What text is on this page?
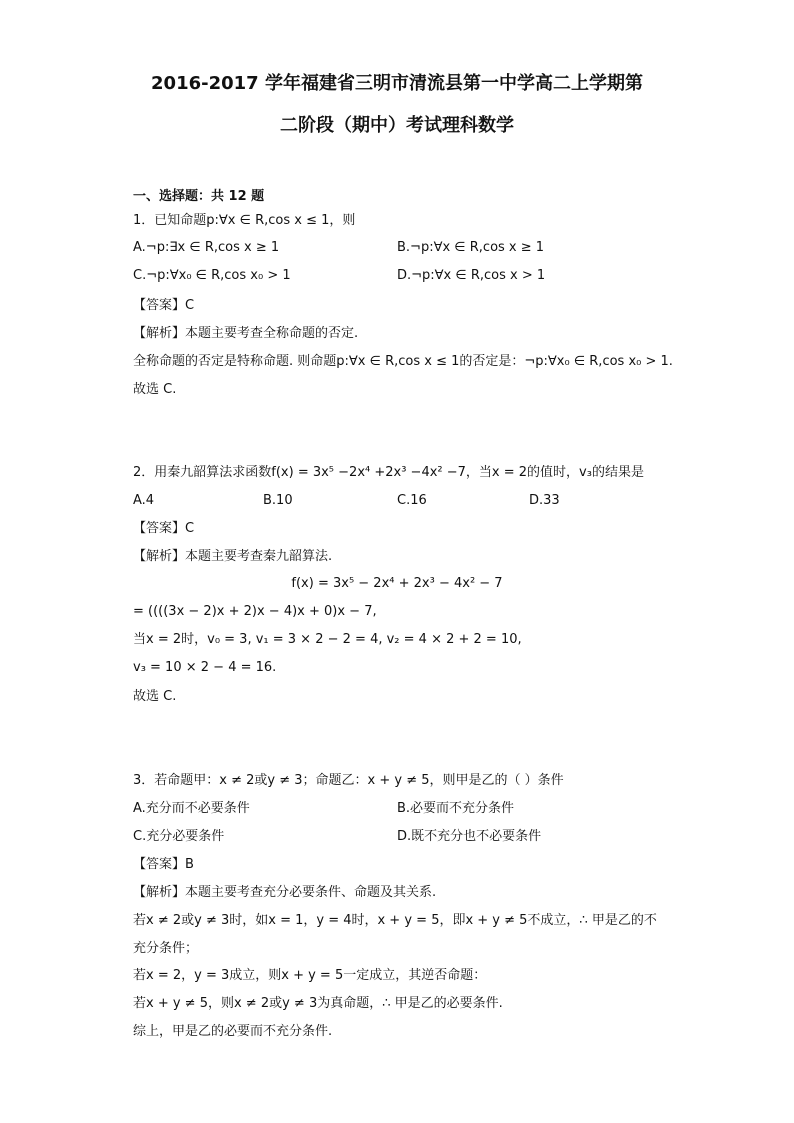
2016-2017 学年福建省三明市清流县第一中学高二上学期第
二阶段（期中）考试理科数学
一、选择题：共 12 题
1．已知命题p:∀x ∈ R,cos x ≤ 1，则
A.¬p:∃x ∈ R,cos x ≥ 1	B.¬p:∀x ∈ R,cos x ≥ 1
C.¬p:∀x₀ ∈ R,cos x₀ > 1	D.¬p:∀x ∈ R,cos x > 1
【答案】C
【解析】本题主要考查全称命题的否定.
全称命题的否定是特称命题. 则命题p:∀x ∈ R,cos x ≤ 1的否定是：¬p:∀x₀ ∈ R,cos x₀ > 1.
故选 C.
2．用秦九韶算法求函数f(x) = 3x⁵ −2x⁴ +2x³ −4x² −7，当x = 2的值时，v₃的结果是
A.4	B.10	C.16	D.33
【答案】C
【解析】本题主要考查秦九韶算法.
f(x) = 3x⁵ − 2x⁴ + 2x³ − 4x² − 7
= ((((3x − 2)x + 2)x − 4)x + 0)x − 7,
当x = 2时，v₀ = 3, v₁ = 3 × 2 − 2 = 4, v₂ = 4 × 2 + 2 = 10,
v₃ = 10 × 2 − 4 = 16.
故选 C.
3．若命题甲：x ≠ 2或y ≠ 3；命题乙：x + y ≠ 5，则甲是乙的（ ）条件
A.充分而不必要条件	B.必要而不充分条件
C.充分必要条件	D.既不充分也不必要条件
【答案】B
【解析】本题主要考查充分必要条件、命题及其关系.
若x ≠ 2或y ≠ 3时，如x = 1，y = 4时，x + y = 5，即x + y ≠ 5不成立，∴ 甲是乙的不
充分条件；
若x = 2，y = 3成立，则x + y = 5一定成立，其逆否命题：
若x + y ≠ 5，则x ≠ 2或y ≠ 3为真命题，∴ 甲是乙的必要条件.
综上，甲是乙的必要而不充分条件.
